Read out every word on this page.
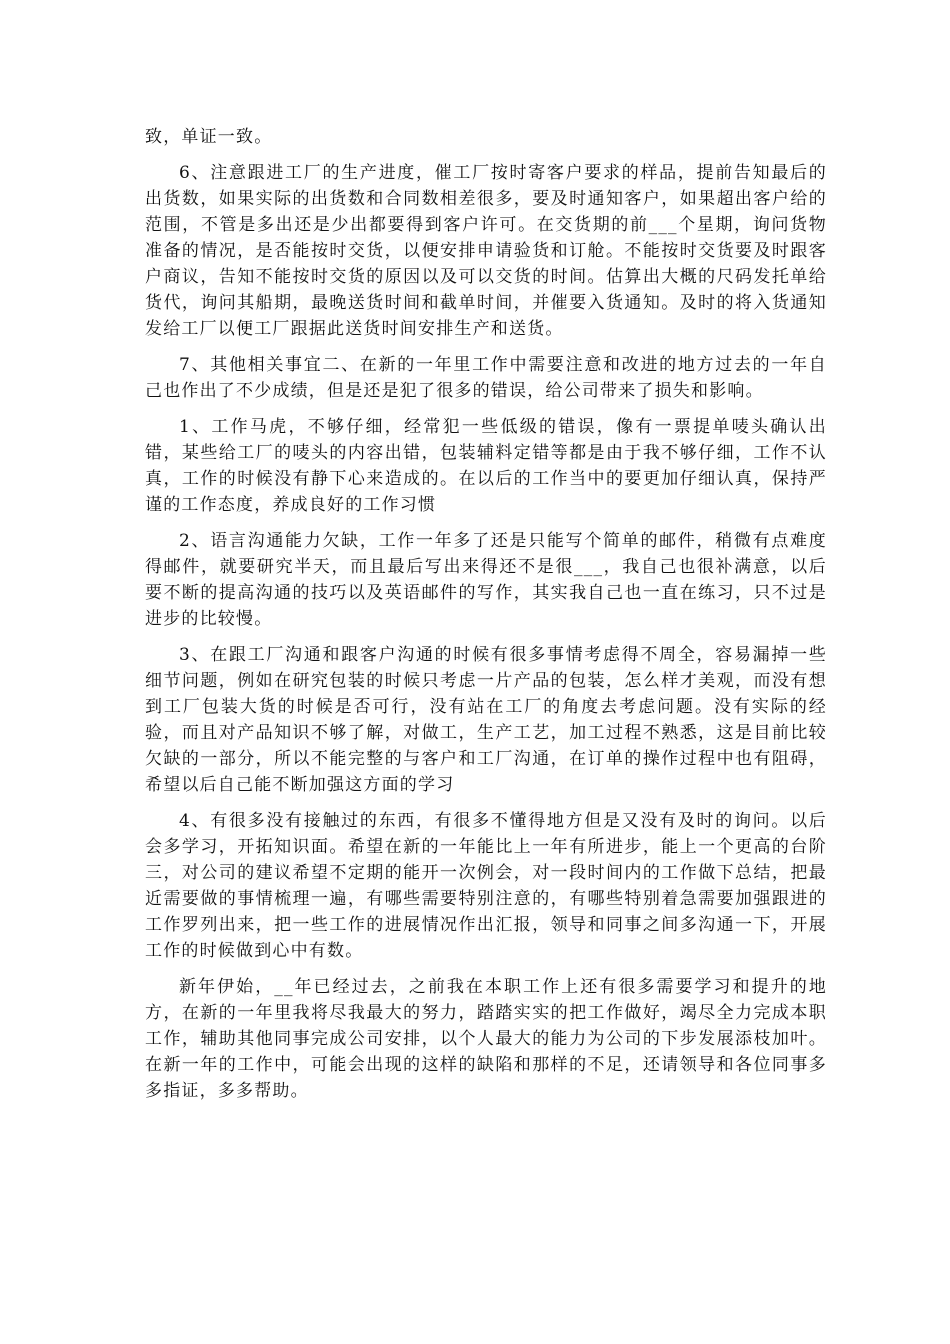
致，单证一致。

6、注意跟进工厂的生产进度，催工厂按时寄客户要求的样品，提前告知最后的出货数，如果实际的出货数和合同数相差很多，要及时通知客户，如果超出客户给的范围，不管是多出还是少出都要得到客户许可。在交货期的前___个星期，询问货物准备的情况，是否能按时交货，以便安排申请验货和订舱。不能按时交货要及时跟客户商议，告知不能按时交货的原因以及可以交货的时间。估算出大概的尺码发托单给货代，询问其船期，最晚送货时间和截单时间，并催要入货通知。及时的将入货通知发给工厂以便工厂跟据此送货时间安排生产和送货。

7、其他相关事宜二、在新的一年里工作中需要注意和改进的地方过去的一年自己也作出了不少成绩，但是还是犯了很多的错误，给公司带来了损失和影响。

1、工作马虎，不够仔细，经常犯一些低级的错误，像有一票提单唛头确认出错，某些给工厂的唛头的内容出错，包装辅料定错等都是由于我不够仔细，工作不认真，工作的时候没有静下心来造成的。在以后的工作当中的要更加仔细认真，保持严谨的工作态度，养成良好的工作习惯

2、语言沟通能力欠缺，工作一年多了还是只能写个简单的邮件，稍微有点难度得邮件，就要研究半天，而且最后写出来得还不是很___，我自己也很补满意，以后要不断的提高沟通的技巧以及英语邮件的写作，其实我自己也一直在练习，只不过是进步的比较慢。

3、在跟工厂沟通和跟客户沟通的时候有很多事情考虑得不周全，容易漏掉一些细节问题，例如在研究包装的时候只考虑一片产品的包装，怎么样才美观，而没有想到工厂包装大货的时候是否可行，没有站在工厂的角度去考虑问题。没有实际的经验，而且对产品知识不够了解，对做工，生产工艺，加工过程不熟悉，这是目前比较欠缺的一部分，所以不能完整的与客户和工厂沟通，在订单的操作过程中也有阻碍，希望以后自己能不断加强这方面的学习

4、有很多没有接触过的东西，有很多不懂得地方但是又没有及时的询问。以后会多学习，开拓知识面。希望在新的一年能比上一年有所进步，能上一个更高的台阶三，对公司的建议希望不定期的能开一次例会，对一段时间内的工作做下总结，把最近需要做的事情梳理一遍，有哪些需要特别注意的，有哪些特别着急需要加强跟进的工作罗列出来，把一些工作的进展情况作出汇报，领导和同事之间多沟通一下，开展工作的时候做到心中有数。

新年伊始，__年已经过去，之前我在本职工作上还有很多需要学习和提升的地方，在新的一年里我将尽我最大的努力，踏踏实实的把工作做好，竭尽全力完成本职工作，辅助其他同事完成公司安排，以个人最大的能力为公司的下步发展添枝加叶。在新一年的工作中，可能会出现的这样的缺陷和那样的不足，还请领导和各位同事多多指证，多多帮助。
